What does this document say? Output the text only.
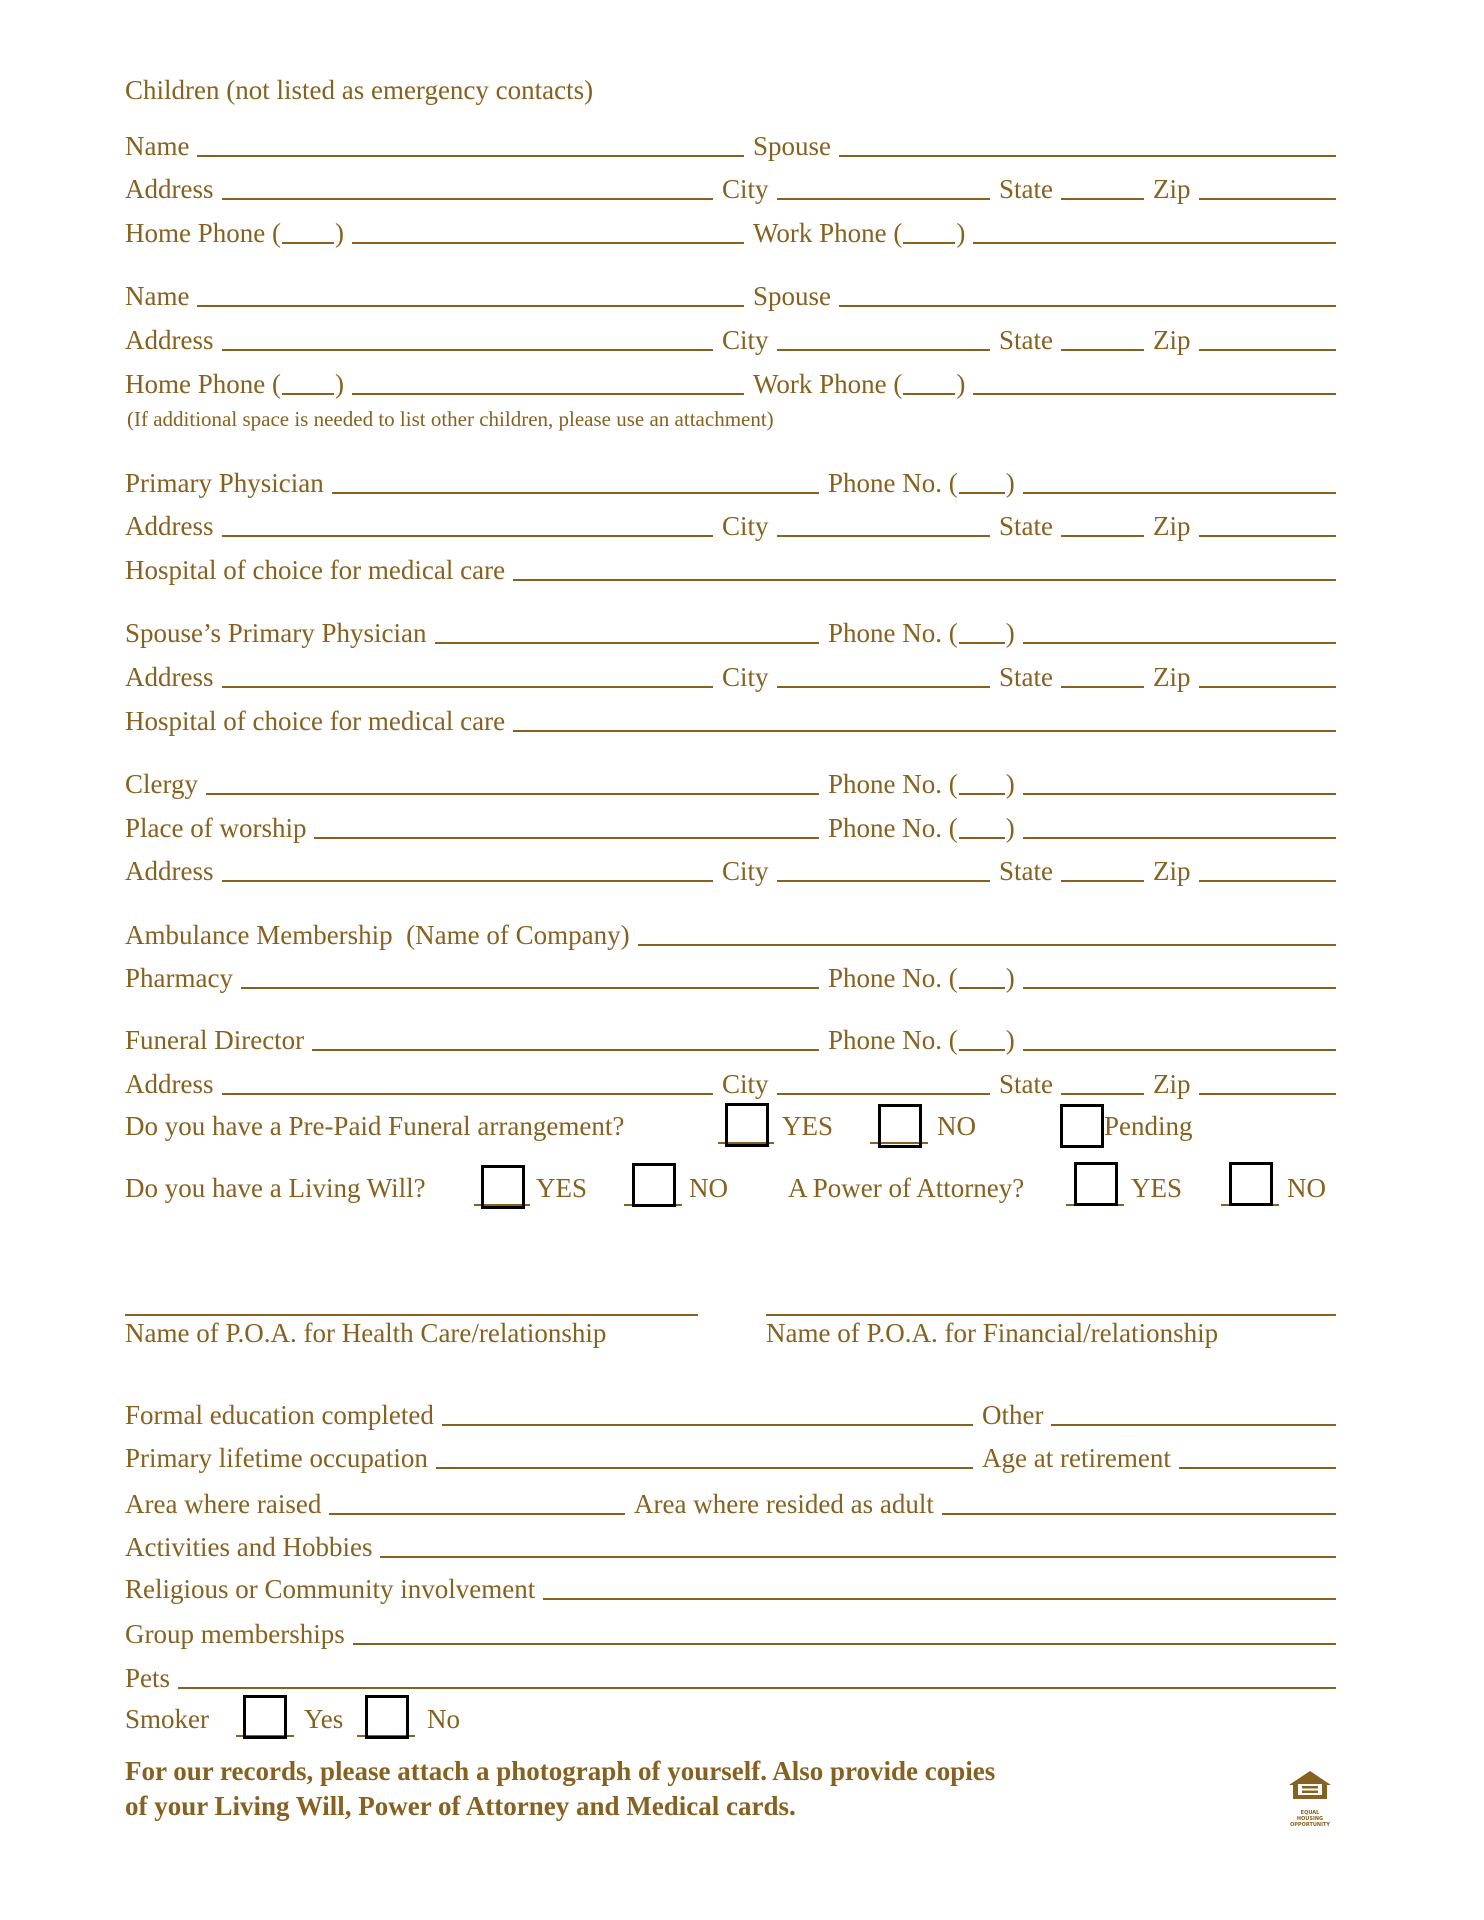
Children (not listed as emergency contacts)
Name	Spouse
Address	City	State	Zip
Home Phone ( )	Work Phone ( )
Name	Spouse
Address	City	State	Zip
Home Phone ( )	Work Phone ( )
(If additional space is needed to list other children, please use an attachment)
Primary Physician	Phone No. ( )
Address	City	State	Zip
Hospital of choice for medical care
Spouse’s Primary Physician	Phone No. ( )
Address	City	State	Zip
Hospital of choice for medical care
Clergy	Phone No. ( )
Place of worship	Phone No. ( )
Address	City	State	Zip
Ambulance Membership  (Name of Company)
Pharmacy	Phone No. ( )
Funeral Director	Phone No. ( )
Address	City	State	Zip
Do you have a Pre-Paid Funeral arrangement?	YES	NO	Pending
Do you have a Living Will?	YES	NO A Power of Attorney?	YES	NO
Name of P.O.A. for Health Care/relationship	Name of P.O.A. for Financial/relationship
Formal education completed	Other
Primary lifetime occupation	Age at retirement
Area where raised	Area where resided as adult
Activities and Hobbies
Religious or Community involvement
Group memberships
Pets
Smoker	Yes	No
For our records, please attach a photograph of yourself. Also provide copies
of your Living Will, Power of Attorney and Medical cards.	EQUAL HOUSING OPPORTUNITY
